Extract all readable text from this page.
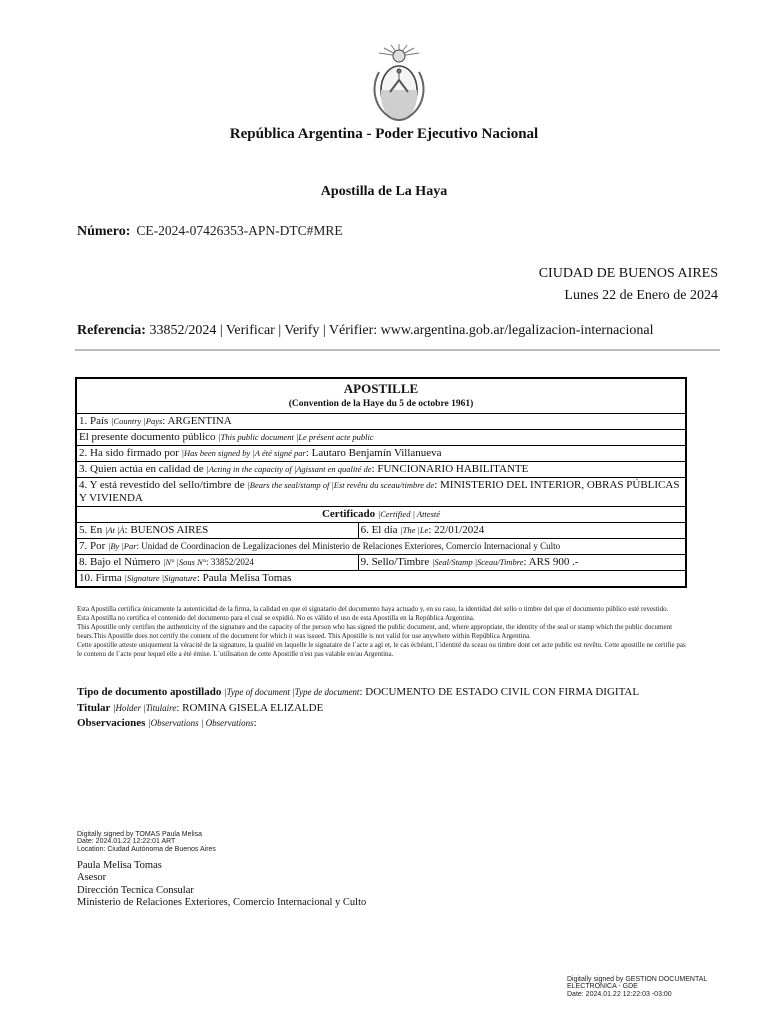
República Argentina - Poder Ejecutivo Nacional
Apostilla de La Haya
Número: CE-2024-07426353-APN-DTC#MRE
CIUDAD DE BUENOS AIRES
Lunes 22 de Enero de 2024
Referencia: 33852/2024 | Verificar | Verify | Vérifier: www.argentina.gob.ar/legalizacion-internacional
APOSTILLE
(Convention de la Haye du 5 de octobre 1961)	

1. País |Country |Pays: ARGENTINA	
El presente documento público |This public document |Le présent acte public	
2. Ha sido firmado por |Has been signed by |A été signé par: Lautaro Benjamín Villanueva	
3. Quien actúa en calidad de |Acting in the capacity of |Agissant en qualité de: FUNCIONARIO HABILITANTE	
4. Y está revestido del sello/timbre de |Bears the seal/stamp of |Est revêtu du sceau/timbre de: MINISTERIO DEL INTERIOR, OBRAS PÚBLICAS Y VIVIENDA	
Certificado |Certified | Attesté	
5. En |At |À: BUENOS AIRES	6. El día |The |Le: 22/01/2024
7. Por |By |Par: Unidad de Coordinacion de Legalizaciones del Ministerio de Relaciones Exteriores, Comercio Internacional y Culto	
8. Bajo el Número |N° |Sous N°: 33852/2024	9. Sello/Timbre |Seal/Stamp |Sceau/Timbre: ARS 900 .-
10. Firma |Signature |Signature: Paula Melisa Tomas	

Esta Apostilla certifica únicamente la autenticidad de la firma, la calidad en que el signatario del documento haya actuado y, en su caso, la identidad del sello o timbre del que el documento público esté revestido.

Esta Apostilla no certifica el contenido del documento para el cual se expidió. No es válido el uso de esta Apostilla en la República Argentina.

This Apostille only certifies the authenticity of the signature and the capacity of the person who has signed the public document, and, where appropriate, the identity of the seal or stamp which the public document bears.This Apostille does not certify the content of the document for which it was issued. This Apostille is not valid for use anywhere within República Argentina.

Cette apostille atteste uniquement la véracité de la signature, la qualité en laquelle le signataire de l´acte a agi et, le cas échéant, l´identité du sceau ou timbre dont cet acte public est revêtu. Cette apostille ne certifie pas le contenu de l´acte pour lequel elle a été émise. L´utilisation de cette Apostille n'est pas valable en/au Argentina.

Tipo de documento apostillado |Type of document |Type de document: DOCUMENTO DE ESTADO CIVIL CON FIRMA DIGITAL
Titular |Holder |Titulaire: ROMINA GISELA ELIZALDE
Observaciones |Observations | Observations:
Digitally signed by TOMAS Paula Melisa
Date: 2024.01.22 12:22:01 ART
Location: Ciudad Autónoma de Buenos Aires
Paula Melisa Tomas
Asesor
Dirección Tecnica Consular
Ministerio de Relaciones Exteriores, Comercio Internacional y Culto
Digitally signed by GESTION DOCUMENTAL
ELECTRONICA - GDE
Date: 2024.01.22 12:22:03 -03:00
